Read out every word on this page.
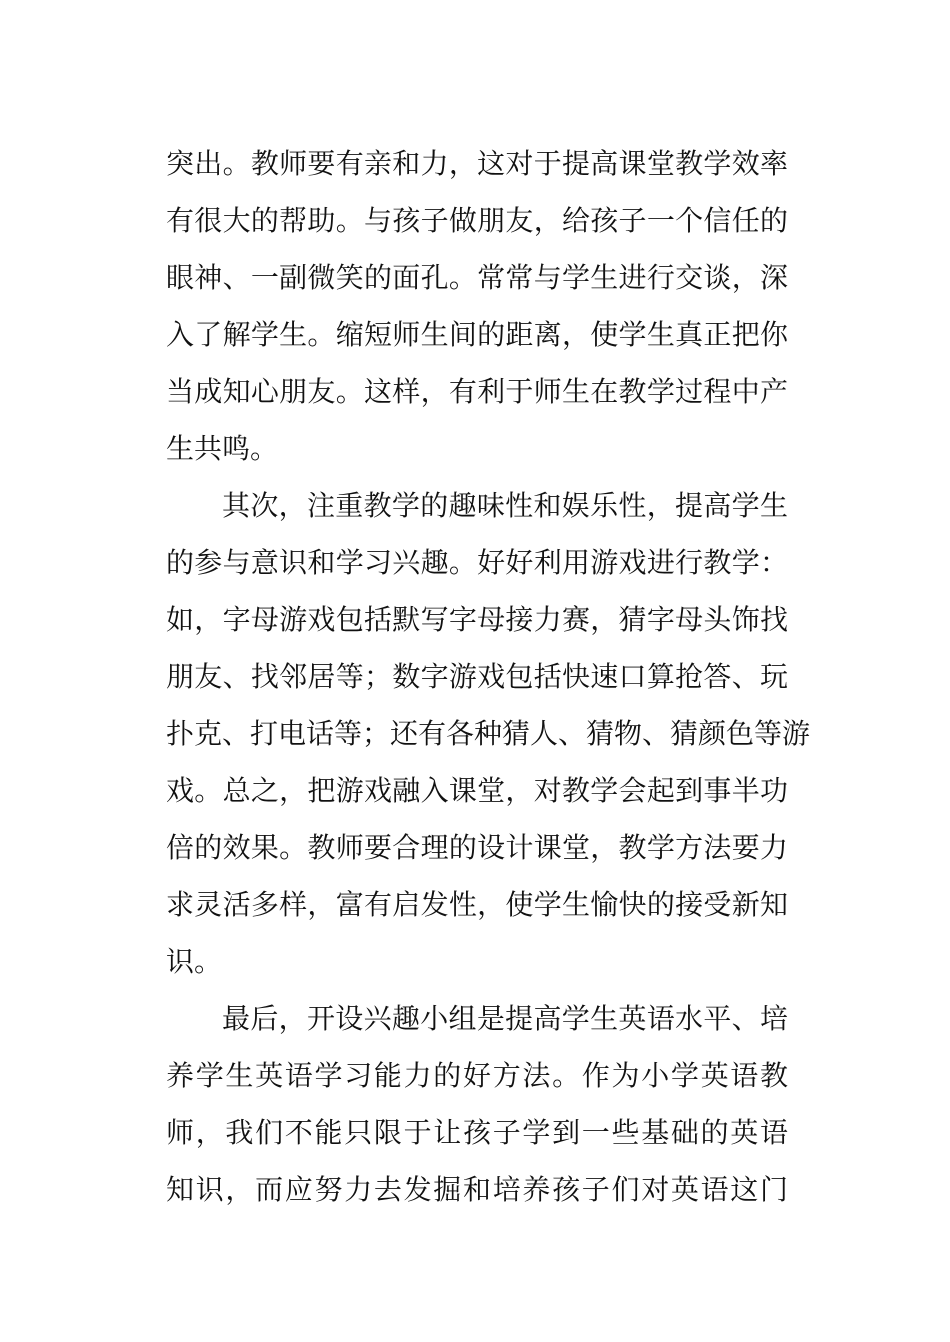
突出。教师要有亲和力，这对于提高课堂教学效率
有很大的帮助。与孩子做朋友，给孩子一个信任的
眼神、一副微笑的面孔。常常与学生进行交谈，深
入了解学生。缩短师生间的距离，使学生真正把你
当成知心朋友。这样，有利于师生在教学过程中产
生共鸣。
其次，注重教学的趣味性和娱乐性，提高学生
的参与意识和学习兴趣。好好利用游戏进行教学：
如，字母游戏包括默写字母接力赛，猜字母头饰找
朋友、找邻居等；数字游戏包括快速口算抢答、玩
扑克、打电话等；还有各种猜人、猜物、猜颜色等游
戏。总之，把游戏融入课堂，对教学会起到事半功
倍的效果。教师要合理的设计课堂，教学方法要力
求灵活多样，富有启发性，使学生愉快的接受新知
识。
最后，开设兴趣小组是提高学生英语水平、培
养学生英语学习能力的好方法。作为小学英语教
师，我们不能只限于让孩子学到一些基础的英语
知识，而应努力去发掘和培养孩子们对英语这门
